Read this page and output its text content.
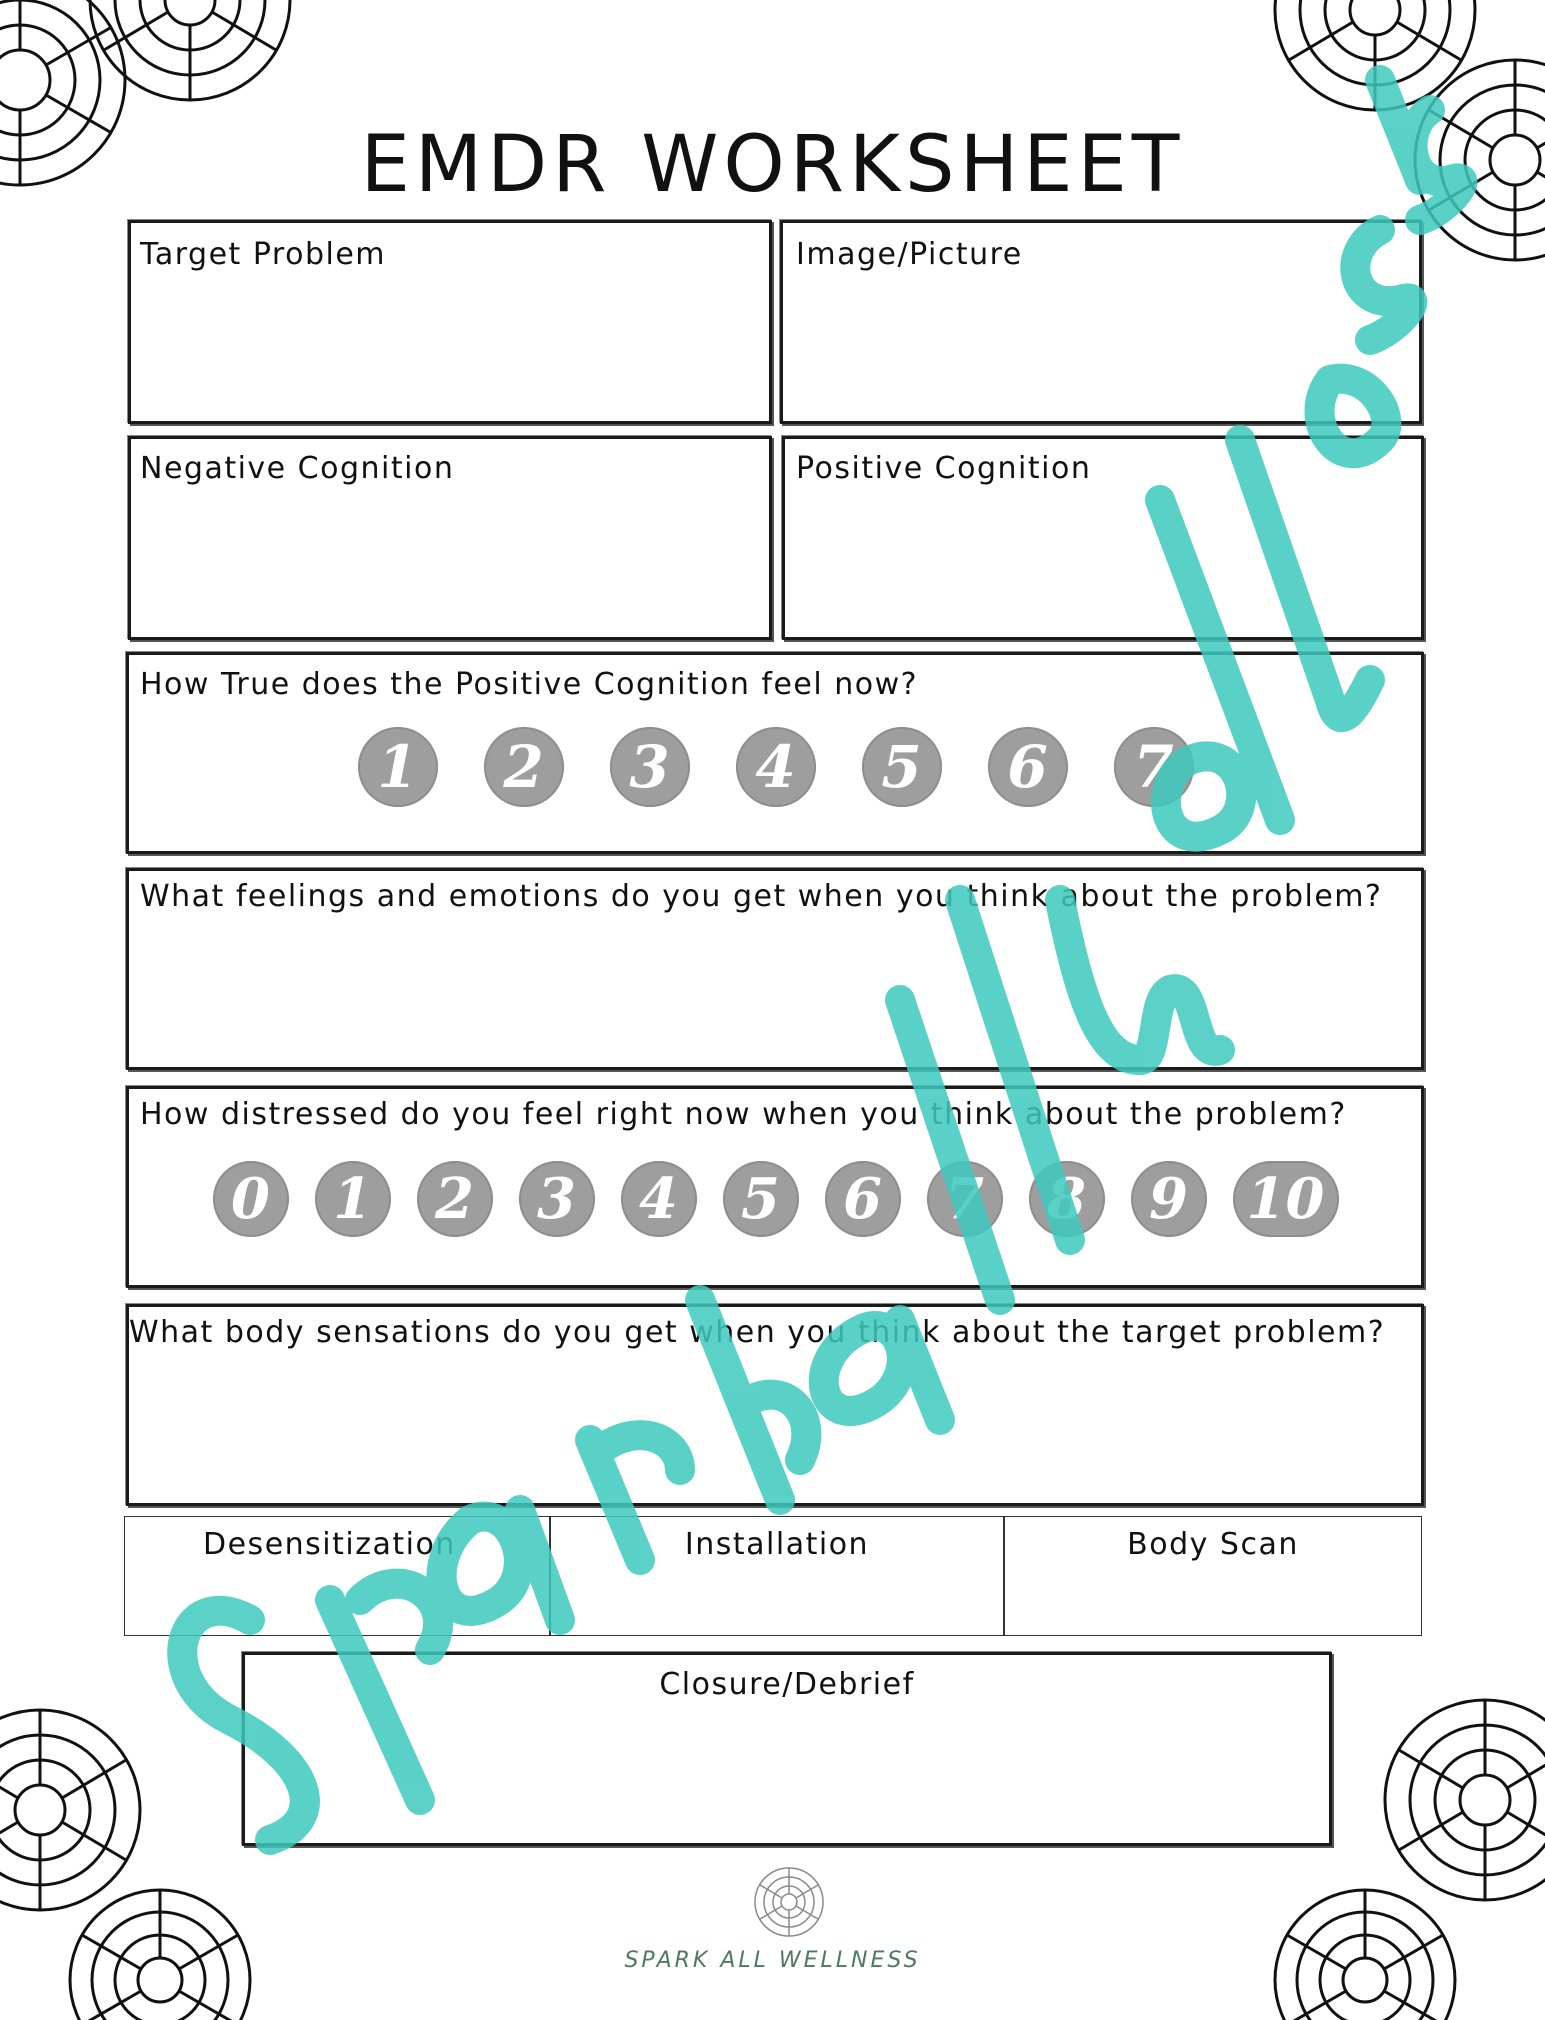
EMDR WORKSHEET
Target Problem	Image/Picture
Negative Cognition	Positive Cognition
How True does the Positive Cognition feel now?
1	2	3	4	5	6	7
What feelings and emotions do you get when you think about the problem?
How distressed do you feel right now when you think about the problem?
0	1	2	3	4	5	6	7	8	9	10
What body sensations do you get when you think about the target problem?
Desensitization	Installation	Body Scan
Closure/Debrief
SPARK ALL WELLNESS
